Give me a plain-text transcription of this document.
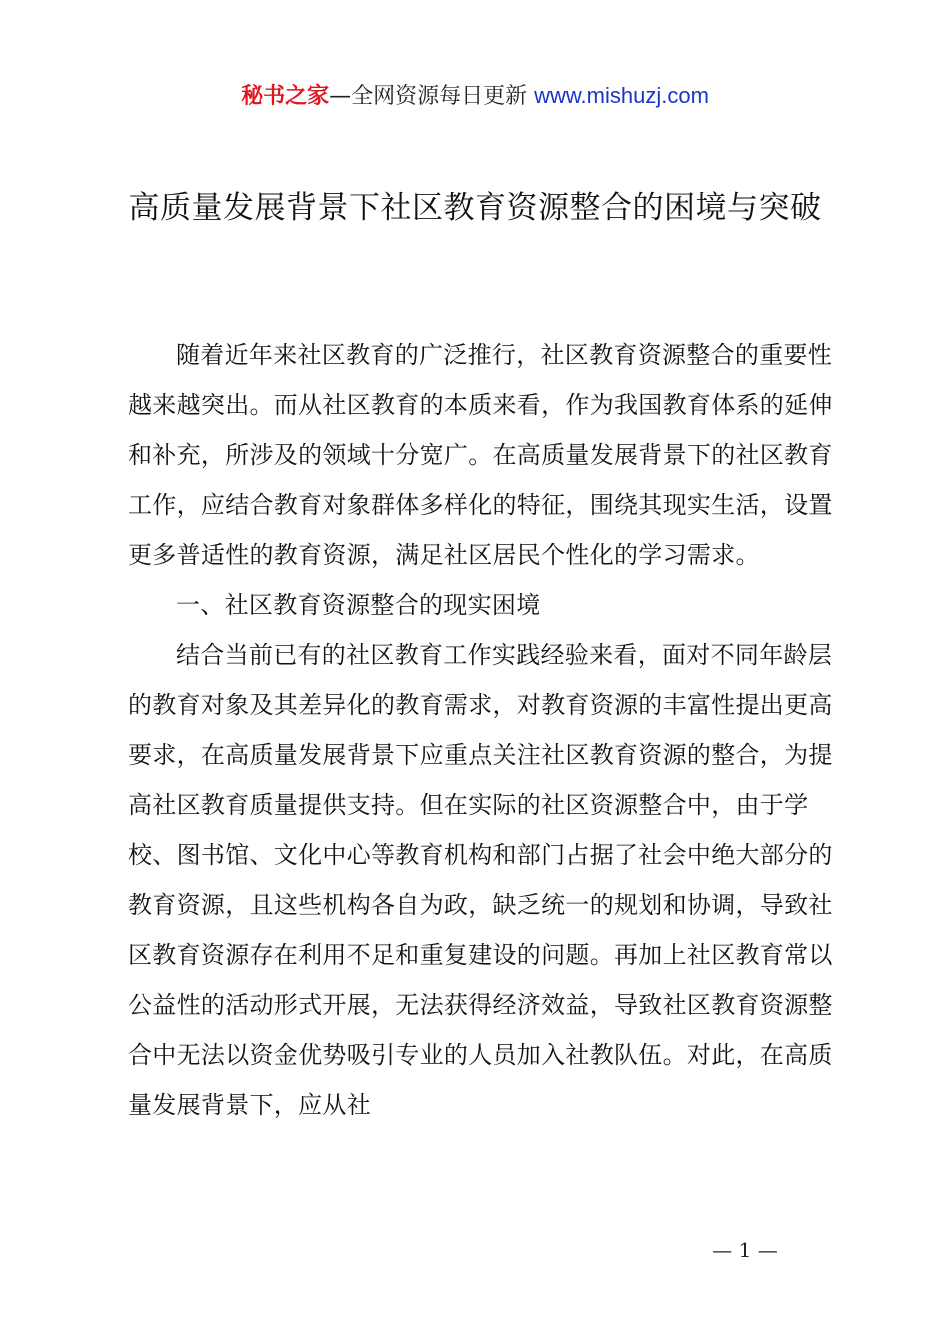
秘书之家—全网资源每日更新 www.mishuzj.com
高质量发展背景下社区教育资源整合的困境与突破

随着近年来社区教育的广泛推行，社区教育资源整合的重要性越来越突出。而从社区教育的本质来看，作为我国教育体系的延伸和补充，所涉及的领域十分宽广。在高质量发展背景下的社区教育工作，应结合教育对象群体多样化的特征，围绕其现实生活，设置更多普适性的教育资源，满足社区居民个性化的学习需求。

一、社区教育资源整合的现实困境

结合当前已有的社区教育工作实践经验来看，面对不同年龄层的教育对象及其差异化的教育需求，对教育资源的丰富性提出更高要求，在高质量发展背景下应重点关注社区教育资源的整合，为提高社区教育质量提供支持。但在实际的社区资源整合中，由于学校、图书馆、文化中心等教育机构和部门占据了社会中绝大部分的教育资源，且这些机构各自为政，缺乏统一的规划和协调，导致社区教育资源存在利用不足和重复建设的问题。再加上社区教育常以公益性的活动形式开展，无法获得经济效益，导致社区教育资源整合中无法以资金优势吸引专业的人员加入社教队伍。对此，在高质量发展背景下，应从社

— 1 —
